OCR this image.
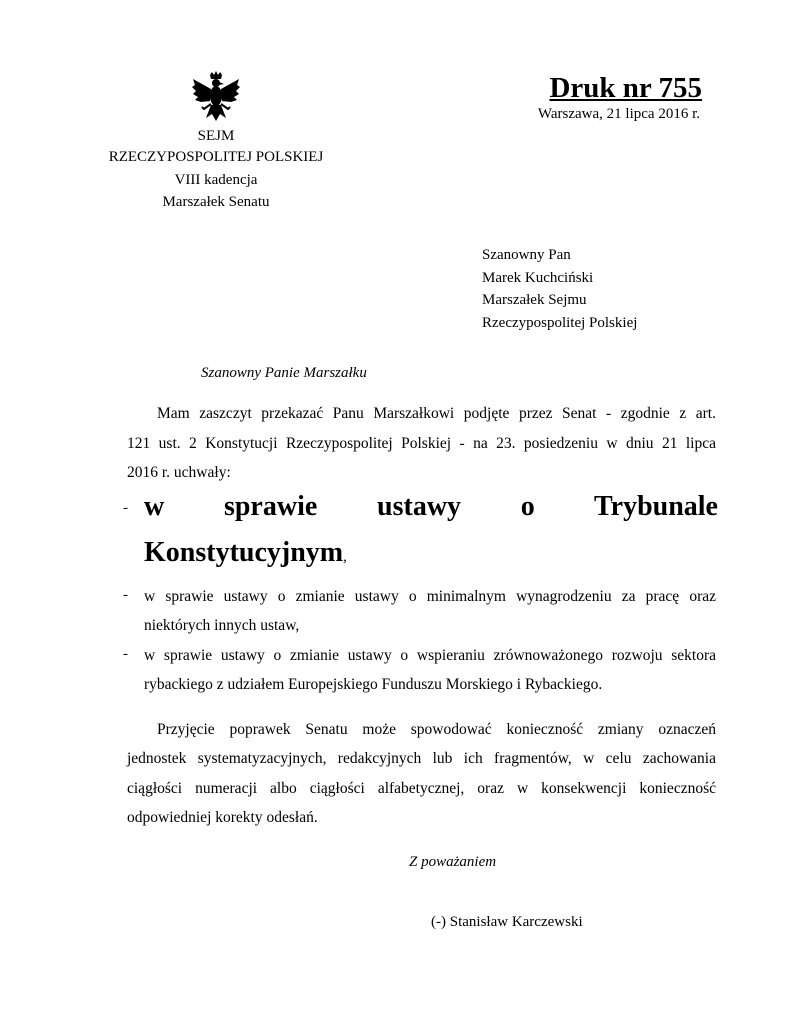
SEJM
RZECZYPOSPOLITEJ POLSKIEJ
VIII kadencja
Marszałek Senatu
Druk nr 755
Warszawa, 21 lipca 2016 r.
Szanowny Pan
Marek Kuchciński
Marszałek Sejmu
Rzeczypospolitej Polskiej
Szanowny Panie Marszałku
Mam zaszczyt przekazać Panu Marszałkowi podjęte przez Senat - zgodnie z art.
121 ust. 2 Konstytucji Rzeczypospolitej Polskiej - na 23. posiedzeniu w dniu 21 lipca
2016 r. uchwały:
- w sprawie ustawy o Trybunale
Konstytucyjnym,
- w sprawie ustawy o zmianie ustawy o minimalnym wynagrodzeniu za pracę oraz
niektórych innych ustaw,
- w sprawie ustawy o zmianie ustawy o wspieraniu zrównoważonego rozwoju sektora
rybackiego z udziałem Europejskiego Funduszu Morskiego i Rybackiego.
Przyjęcie poprawek Senatu może spowodować konieczność zmiany oznaczeń
jednostek systematyzacyjnych, redakcyjnych lub ich fragmentów, w celu zachowania
ciągłości numeracji albo ciągłości alfabetycznej, oraz w konsekwencji konieczność
odpowiedniej korekty odesłań.
Z poważaniem
(-) Stanisław Karczewski
